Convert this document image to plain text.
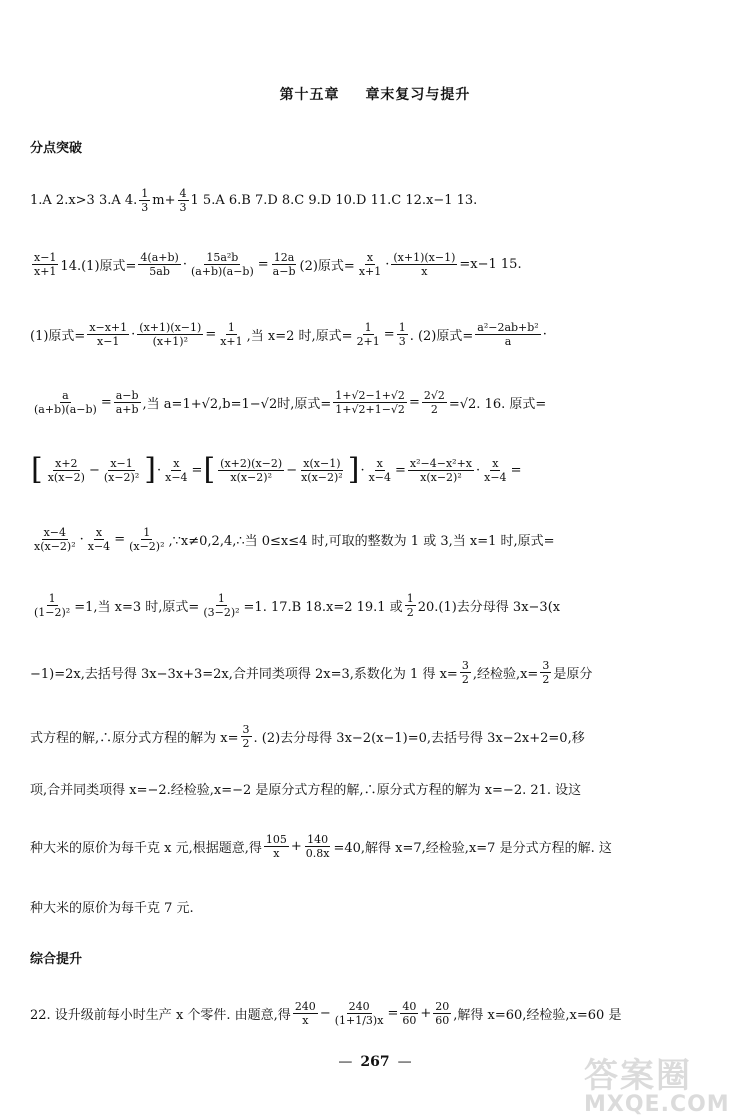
第十五章 章末复习与提升
分点突破
1.A 2.x>3 3.A 4. $\frac{1}{3} m+ \frac{4}{3} 1$ 5.A 6.B 7.D 8.C 9.D 10.D 11.C 12.x−1 13.
$\frac{x-1}{x+1} 14.(1)$原式= $\frac{4(a+b)}{5ab} \cdot \frac{\text{15a²b}}{(a+b)(a-b)} = \frac{12a}{a-b} (2)$原式= $\frac{x}{x+1} \cdot \frac{(x+1)(x-1)}{x} =x-1$ 15.
(1)原式= $\frac{x-x+1}{x-1} \cdot \frac{(x+1)(x-1)}{\text{(x+1)²}} = \frac{1}{x+1}$ ,当 x=2 时,原式= $\frac{1}{2+1} = \frac{1}{3}$ . (2)原式= $\frac{\text{a²−2ab+b²}}{a}$ ·
$\frac{a}{(a+b)(a-b)} = \frac{a-b}{a+b}$ ,当 a=1+√2,b=1−√2时,原式= $\frac{1+√2-1+√2}{1+√2+1-√2} = \frac{2√2}{2} =√2$. 16. 原式=
[ $\frac{x+2}{x(x-2)} - \frac{x-1}{\text{(x−2)²}}$ ] · $\frac{x}{x-4}$ = [ $\frac{(x+2)(x-2)}{\text{x(x−2)²}} - \frac{x(x-1)}{\text{x(x−2)²}}$ ] · $\frac{x}{x-4} = \frac{\text{x²−4−x²+x}}{\text{x(x−2)²}} \cdot \frac{x}{x-4}$ =
$\frac{x-4}{\text{x(x−2)²}} \cdot \frac{x}{x-4} = \frac{1}{\text{(x−2)²}}$ ,∵x≠0,2,4,∴当 0≤x≤4 时,可取的整数为 1 或 3,当 x=1 时,原式=
$\frac{1}{\text{(1−2)²}} =1$,当 x=3 时,原式= $\frac{1}{\text{(3−2)²}} =1$. 17.B 18.x=2 19.1 或 $\frac{1}{2} 20.(1)$去分母得 3x−3(x
−1)=2x,去括号得 3x−3x+3=2x,合并同类项得 2x=3,系数化为 1 得 $x= \frac{3}{2}$ ,经检验$,x= \frac{3}{2}$ 是原分
式方程的解,∴原分式方程的解为 $x= \frac{3}{2}$ . (2)去分母得 3x−2(x−1)=0,去括号得 3x−2x+2=0,移
项,合并同类项得 x=−2.经检验,x=−2 是原分式方程的解,∴原分式方程的解为 x=−2. 21. 设这
种大米的原价为每千克 x 元,根据题意,得 $\frac{105}{x} + \frac{140}{0.8x} =40$,解得 x=7,经检验,x=7 是分式方程的解. 这
种大米的原价为每千克 7 元.
综合提升
22. 设升级前每小时生产 x 个零件. 由题意,得 $\frac{240}{x} - \frac{240}{(1+1/3)x} = \frac{40}{60} + \frac{20}{60}$ ,解得 x=60,经检验,x=60 是
— 267 —	答案圈
MXQE.COM
